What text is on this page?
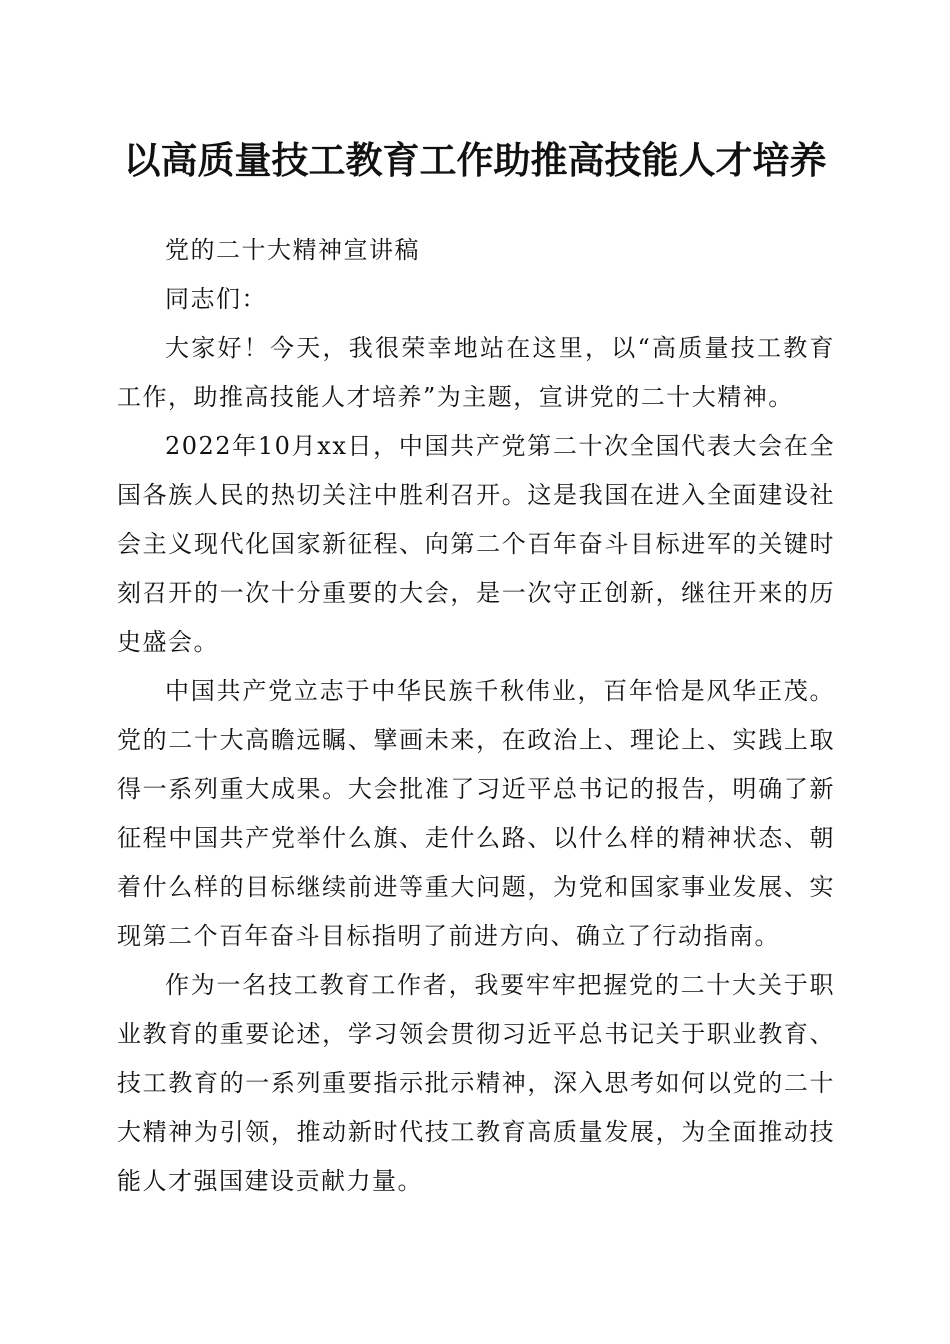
以高质量技工教育工作助推高技能人才培养

党的二十大精神宣讲稿

同志们：

大家好！今天，我很荣幸地站在这里，以“高质量技工教育工作，助推高技能人才培养”为主题，宣讲党的二十大精神。

2022年10月xx日，中国共产党第二十次全国代表大会在全国各族人民的热切关注中胜利召开。这是我国在进入全面建设社会主义现代化国家新征程、向第二个百年奋斗目标进军的关键时刻召开的一次十分重要的大会，是一次守正创新，继往开来的历史盛会。

中国共产党立志于中华民族千秋伟业，百年恰是风华正茂。党的二十大高瞻远瞩、擘画未来，在政治上、理论上、实践上取得一系列重大成果。大会批准了习近平总书记的报告，明确了新征程中国共产党举什么旗、走什么路、以什么样的精神状态、朝着什么样的目标继续前进等重大问题，为党和国家事业发展、实现第二个百年奋斗目标指明了前进方向、确立了行动指南。

作为一名技工教育工作者，我要牢牢把握党的二十大关于职业教育的重要论述，学习领会贯彻习近平总书记关于职业教育、技工教育的一系列重要指示批示精神，深入思考如何以党的二十大精神为引领，推动新时代技工教育高质量发展，为全面推动技能人才强国建设贡献力量。
